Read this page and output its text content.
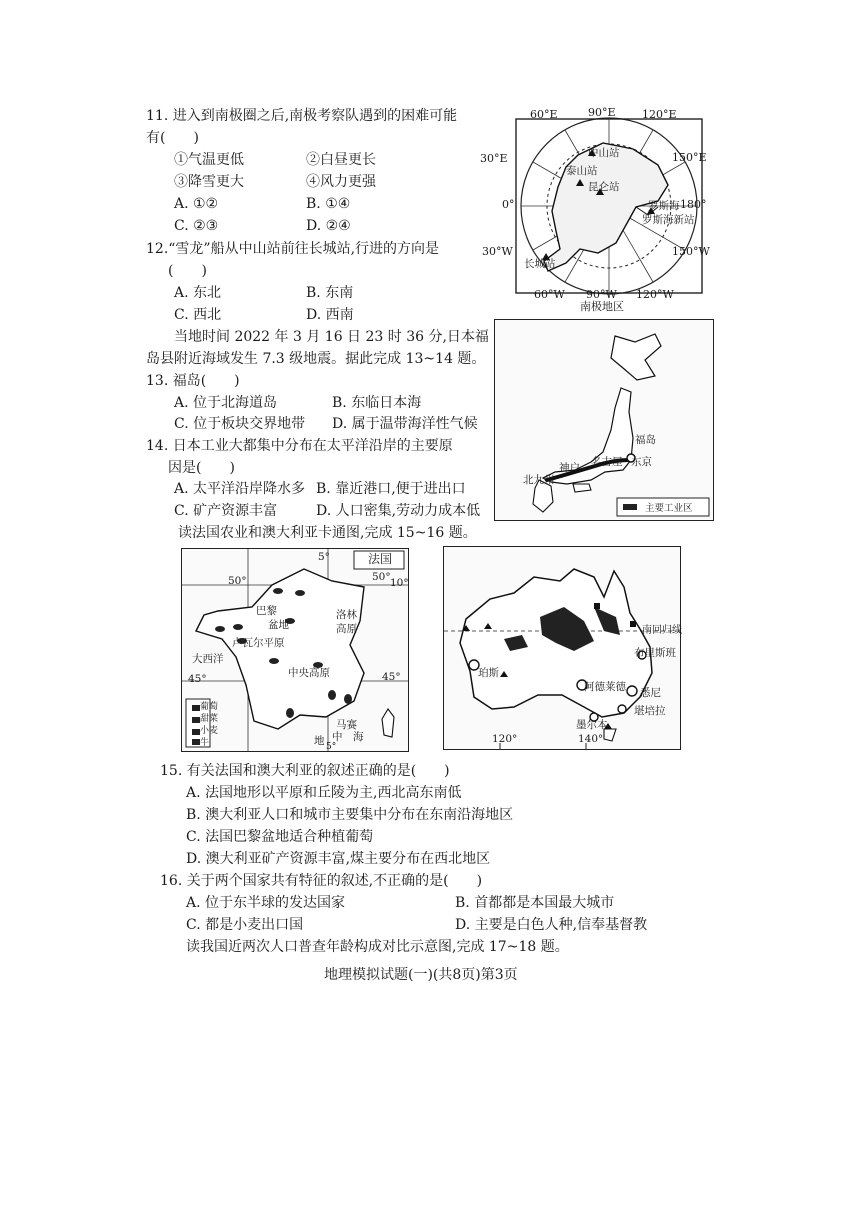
11. 进入到南极圈之后,南极考察队遇到的困难可能
有(　　)
①气温更低	②白昼更长
③降雪更大	④风力更强
A. ①②	B. ①④
C. ②③	D. ②④
12.“雪龙”船从中山站前往长城站,行进的方向是
(　　)
A. 东北	B. 东南
C. 西北	D. 西南
当地时间 2022 年 3 月 16 日 23 时 36 分,日本福
岛县附近海域发生 7.3 级地震。据此完成 13~14 题。
13. 福岛(　　)
A. 位于北海道岛	B. 东临日本海
C. 位于板块交界地带 D. 属于温带海洋性气候
14. 日本工业大都集中分布在太平洋沿岸的主要原
因是(　　)
A. 太平洋沿岸降水多 B. 靠近港口,便于进出口
C. 矿产资源丰富	D. 人口密集,劳动力成本低
读法国农业和澳大利亚卡通图,完成 15~16 题。
60°E	90°E 120°E
60°W 90°W 120°W
30°E
0°
30°W
150°E
180°
150°W
中山站
泰山站
昆仑站
罗斯海
罗斯海新站
长城站
南极地区
福岛
东京
名古屋
神户
北九州
主要工业区
5°	法国
50°	10°
50°
巴黎
盆地
洛林
高原
卢瓦尔平原
大西洋
中央高原
45°	45°
马赛
地 中　海
5°
葡萄
甜菜
小麦
牛
南回归线
布里斯班
珀斯
阿德莱德 悉尼
堪培拉
墨尔本
120°	140°
15. 有关法国和澳大利亚的叙述正确的是(　　)
A. 法国地形以平原和丘陵为主,西北高东南低
B. 澳大利亚人口和城市主要集中分布在东南沿海地区
C. 法国巴黎盆地适合种植葡萄
D. 澳大利亚矿产资源丰富,煤主要分布在西北地区
16. 关于两个国家共有特征的叙述,不正确的是(　　)
A. 位于东半球的发达国家	B. 首都都是本国最大城市
C. 都是小麦出口国	D. 主要是白色人种,信奉基督教
读我国近两次人口普查年龄构成对比示意图,完成 17~18 题。
地理模拟试题(一)(共8页)第3页
